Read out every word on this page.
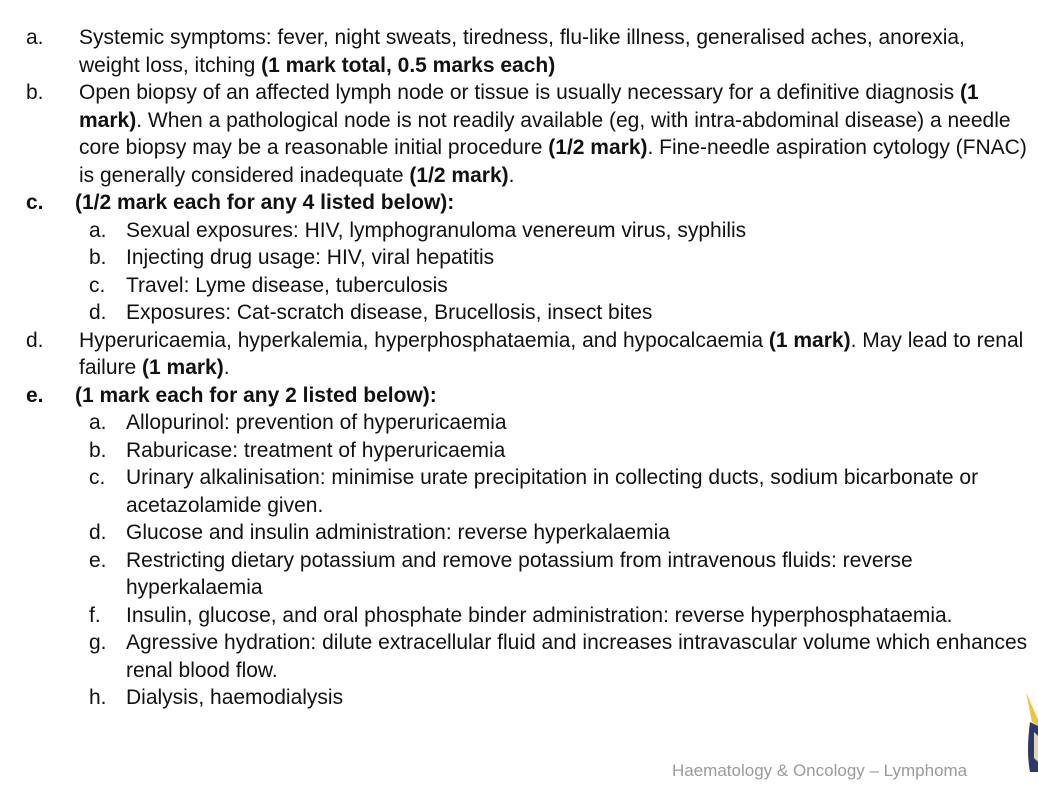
a. Systemic symptoms: fever, night sweats, tiredness, flu-like illness, generalised aches, anorexia, weight loss, itching (1 mark total, 0.5 marks each)
b. Open biopsy of an affected lymph node or tissue is usually necessary for a definitive diagnosis (1 mark). When a pathological node is not readily available (eg, with intra-abdominal disease) a needle core biopsy may be a reasonable initial procedure (1/2 mark). Fine-needle aspiration cytology (FNAC) is generally considered inadequate (1/2 mark).
c. (1/2 mark each for any 4 listed below):
a. Sexual exposures: HIV, lymphogranuloma venereum virus, syphilis
b. Injecting drug usage: HIV, viral hepatitis
c. Travel: Lyme disease, tuberculosis
d. Exposures: Cat-scratch disease, Brucellosis, insect bites
d. Hyperuricaemia, hyperkalemia, hyperphosphataemia, and hypocalcaemia (1 mark). May lead to renal failure (1 mark).
e. (1 mark each for any 2 listed below):
a. Allopurinol: prevention of hyperuricaemia
b. Raburicase: treatment of hyperuricaemia
c. Urinary alkalinisation: minimise urate precipitation in collecting ducts, sodium bicarbonate or acetazolamide given.
d. Glucose and insulin administration: reverse hyperkalaemia
e. Restricting dietary potassium and remove potassium from intravenous fluids: reverse hyperkalaemia
f. Insulin, glucose, and oral phosphate binder administration: reverse hyperphosphataemia.
g. Agressive hydration: dilute extracellular fluid and increases intravascular volume which enhances renal blood flow.
h. Dialysis, haemodialysis
Haematology & Oncology – Lymphoma
